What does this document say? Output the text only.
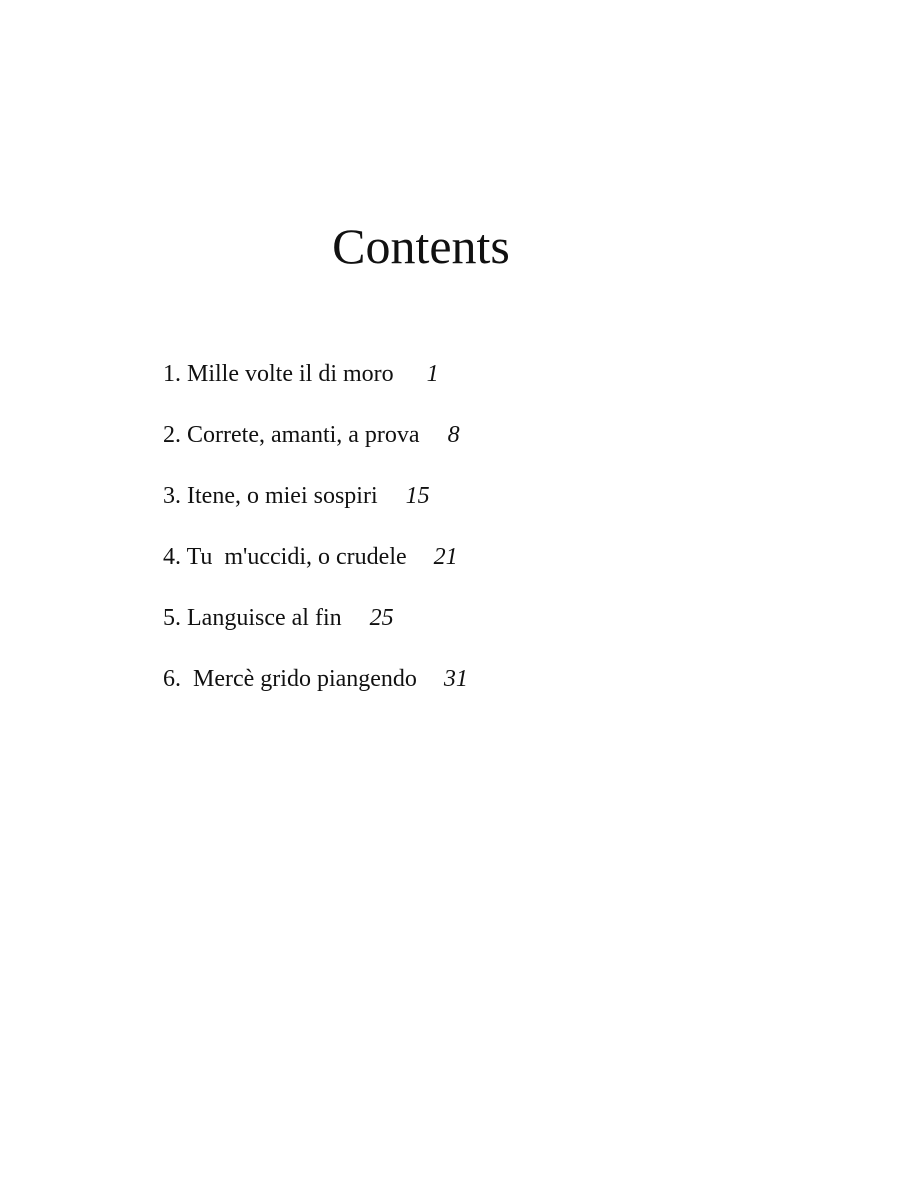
Contents
1. Mille volte il di moro 1
2. Correte, amanti, a prova 8
3. Itene, o miei sospiri 15
4. Tu  m'uccidi, o crudele 21
5. Languisce al fin 25
6.  Mercè grido piangendo 31
